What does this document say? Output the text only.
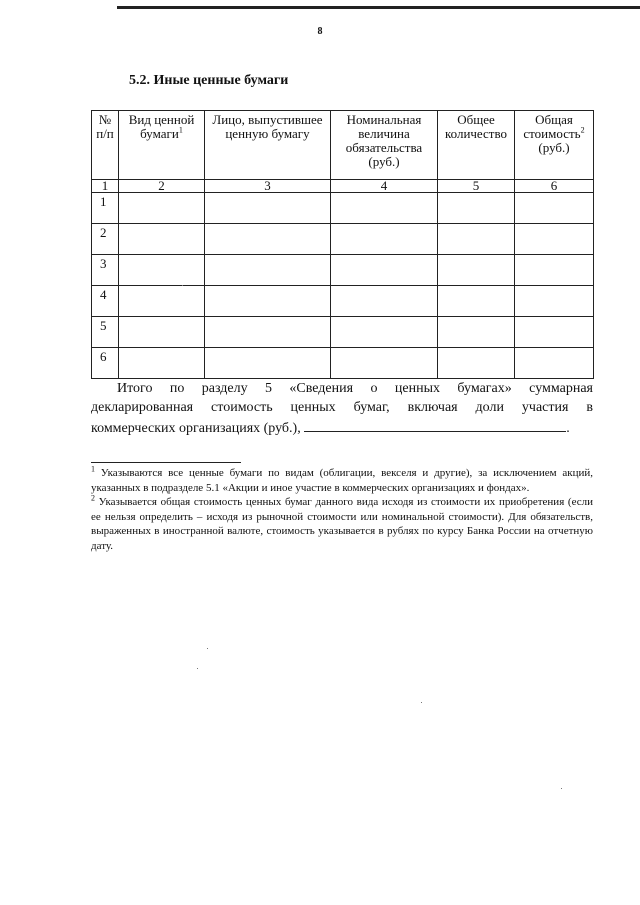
8
5.2. Иные ценные бумаги
№ п/п	Вид ценной бумаги$^1$	Лицо, выпустившее ценную бумагу	Номинальная величина обязательства (руб.)	Общее количество	Общая стоимость$^2$ (руб.)
1	2	3	4	5	6
1					
2					
3					
4					
5					
6					
Итого по разделу 5 «Сведения о ценных бумагах» суммарная
декларированная стоимость ценных бумаг, включая доли участия в
коммерческих организациях (руб.),	.
$^1$ Указываются все ценные бумаги по видам (облигации, векселя и другие), за исключением акций, указанных в подразделе 5.1 «Акции и иное участие в коммерческих организациях и фондах».
$^2$ Указывается общая стоимость ценных бумаг данного вида исходя из стоимости их приобретения (если ее нельзя определить – исходя из рыночной стоимости или номинальной стоимости). Для обязательств, выраженных в иностранной валюте, стоимость указывается в рублях по курсу Банка России на отчетную дату.
